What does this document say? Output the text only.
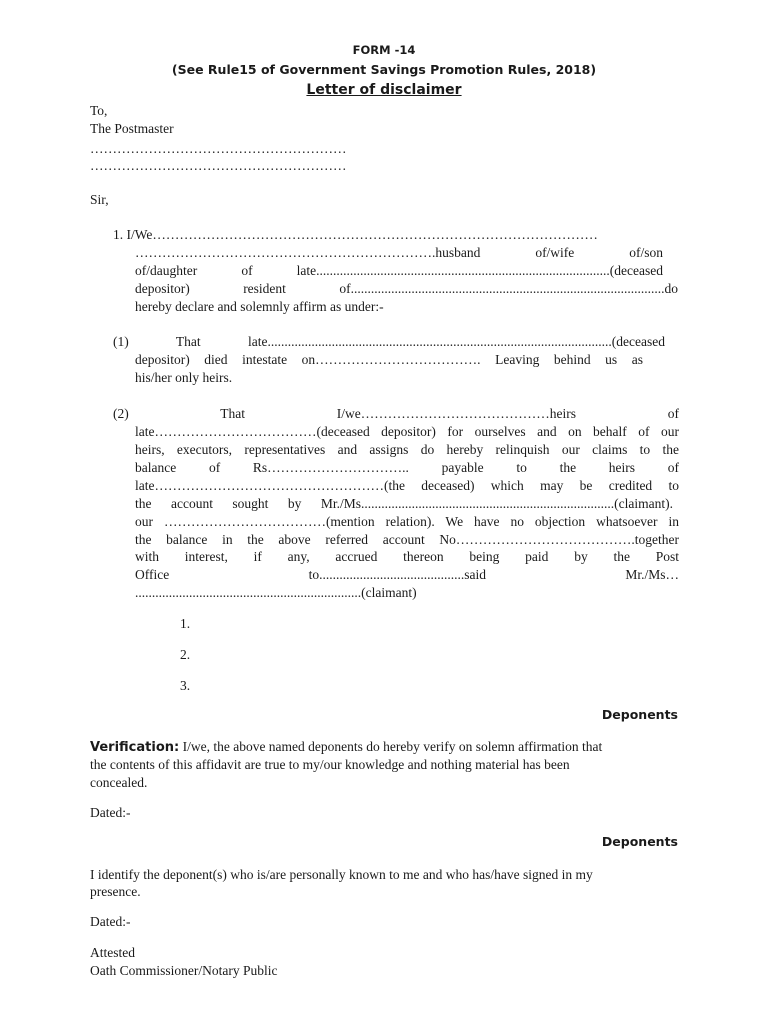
FORM -14
(See Rule15 of Government Savings Promotion Rules, 2018)
Letter of disclaimer
To,
The Postmaster
…………………………………………………
…………………………………………………
Sir,
1. I/We………………………………………………………………………………………
………………………………………………………….husband of/wife of/son
of/daughter of late.......................................................................................(deceased
depositor) resident of.............................................................................................do
hereby declare and solemnly affirm as under:-
(1) That late......................................................................................................(deceased
depositor) died intestate on………………………………. Leaving behind us as
his/her only heirs.
(2) That I/we……………………………………heirs of
late………………………………(deceased depositor) for ourselves and on behalf of our
heirs, executors, representatives and assigns do hereby relinquish our claims to the
balance of Rs………………………….. payable to the heirs of
late……………………………………………(the deceased) which may be credited to
the account sought by Mr./Ms...........................................................................(claimant).
our ………………………………(mention relation). We have no objection whatsoever in
the balance in the above referred account No………………………………….together
with interest, if any, accrued thereon being paid by the Post
Office to...........................................said Mr./Ms…
...................................................................(claimant)
1.
2.
3.
Deponents
Verification: I/we, the above named deponents do hereby verify on solemn affirmation that
the contents of this affidavit are true to my/our knowledge and nothing material has been
concealed.
Dated:-
Deponents
I identify the deponent(s) who is/are personally known to me and who has/have signed in my
presence.
Dated:-
Attested
Oath Commissioner/Notary Public
